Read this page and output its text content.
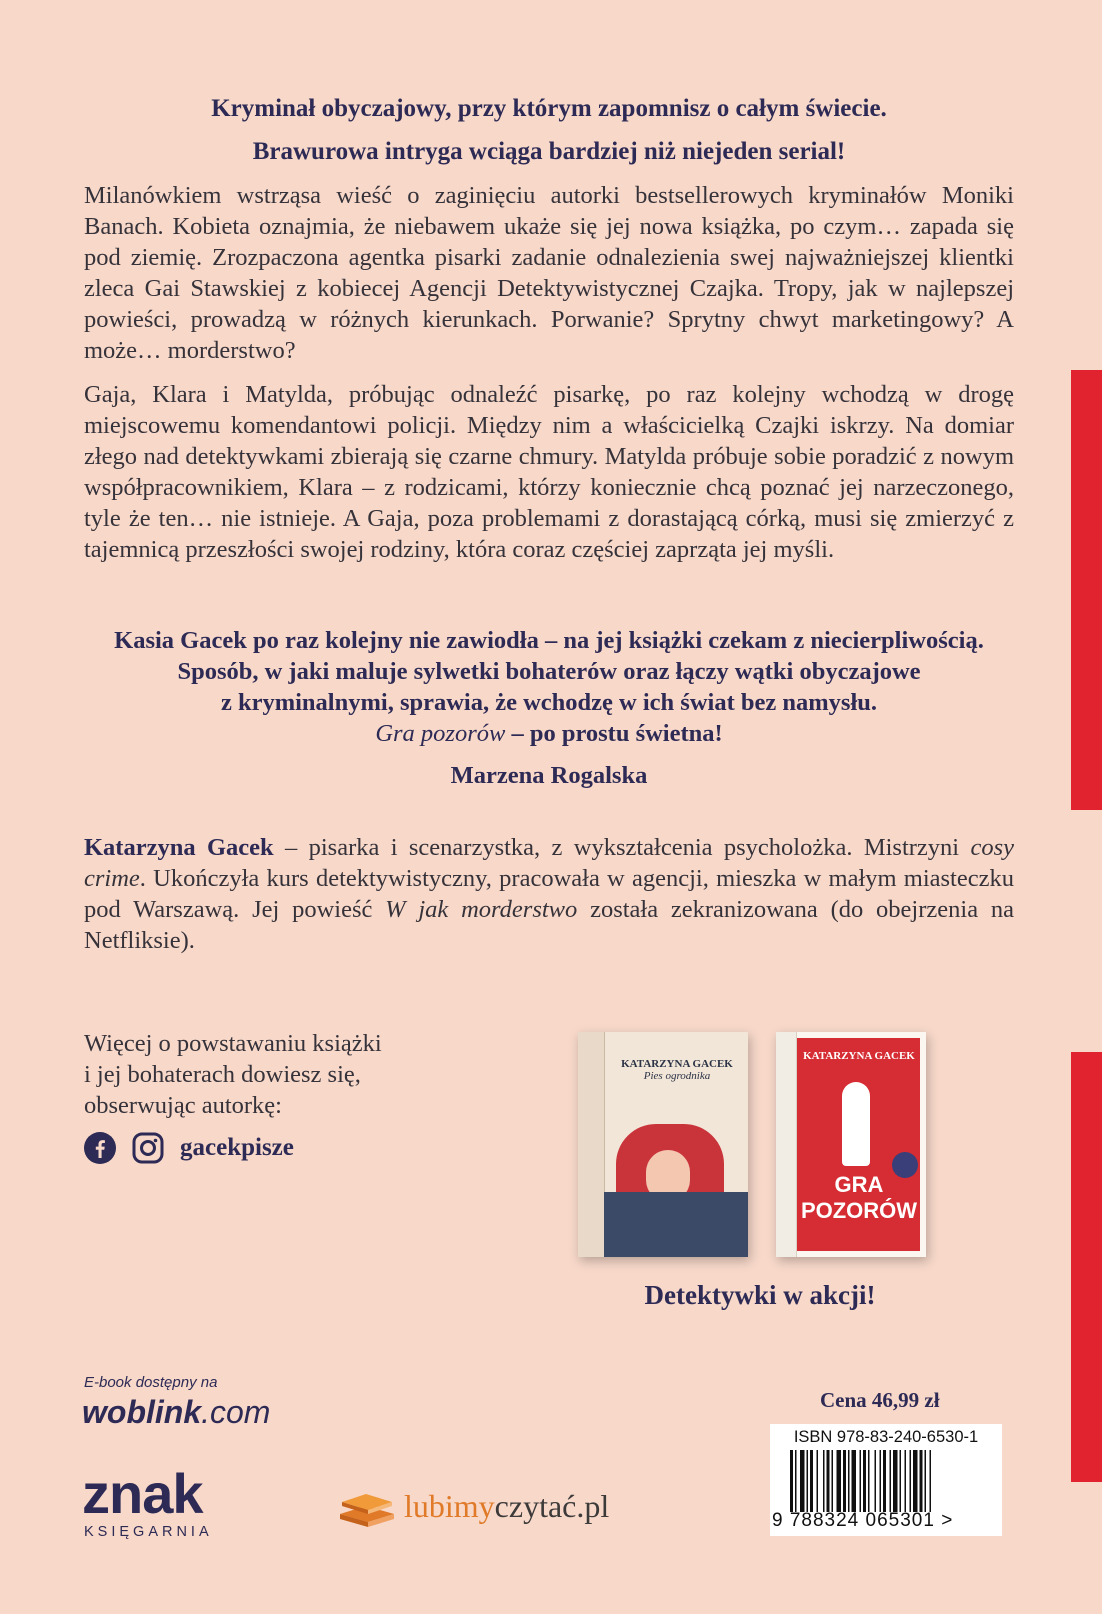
Kryminał obyczajowy, przy którym zapomnisz o całym świecie.

Brawurowa intryga wciąga bardziej niż niejeden serial!

Milanówkiem wstrząsa wieść o zaginięciu autorki bestsellerowych kryminałów Moniki Banach. Kobieta oznajmia, że niebawem ukaże się jej nowa książka, po czym… zapada się pod ziemię. Zrozpaczona agentka pisarki zadanie odnalezienia swej najważniejszej klientki zleca Gai Stawskiej z kobiecej Agencji Detektywistycznej Czajka. Tropy, jak w najlepszej powieści, prowadzą w różnych kierunkach. Porwanie? Sprytny chwyt marketingowy? A może… morderstwo?

Gaja, Klara i Matylda, próbując odnaleźć pisarkę, po raz kolejny wchodzą w drogę miejscowemu komendantowi policji. Między nim a właścicielką Czajki iskrzy. Na domiar złego nad detektywkami zbierają się czarne chmury. Matylda próbuje sobie poradzić z nowym współpracownikiem, Klara – z rodzicami, którzy koniecznie chcą poznać jej narzeczonego, tyle że ten… nie istnieje. A Gaja, poza problemami z dorastającą córką, musi się zmierzyć z tajemnicą przeszłości swojej rodziny, która coraz częściej zaprząta jej myśli.

Kasia Gacek po raz kolejny nie zawiodła – na jej książki czekam z niecierpliwością.

Sposób, w jaki maluje sylwetki bohaterów oraz łączy wątki obyczajowe

z kryminalnymi, sprawia, że wchodzę w ich świat bez namysłu.

Gra pozorów – po prostu świetna!

Marzena Rogalska

Katarzyna Gacek – pisarka i scenarzystka, z wykształcenia psycholożka. Mistrzyni cosy crime. Ukończyła kurs detektywistyczny, pracowała w agencji, mieszka w małym miasteczku pod Warszawą. Jej powieść W jak morderstwo została zekranizowana (do obejrzenia na Netfliksie).

Więcej o powstawaniu książki
i jej bohaterach dowiesz się,
obserwując autorkę:
gacekpisze
KATARZYNA GACEK
Pies ogrodnika
KATARZYNA GACEK
GRA
POZORÓW
Detektywki w akcji!
E-book dostępny na
woblink.com
znak
KSIĘGARNIA
lubimyczytać.pl
Cena 46,99 zł
ISBN 978-83-240-6530-1
9 788324 065301 >
